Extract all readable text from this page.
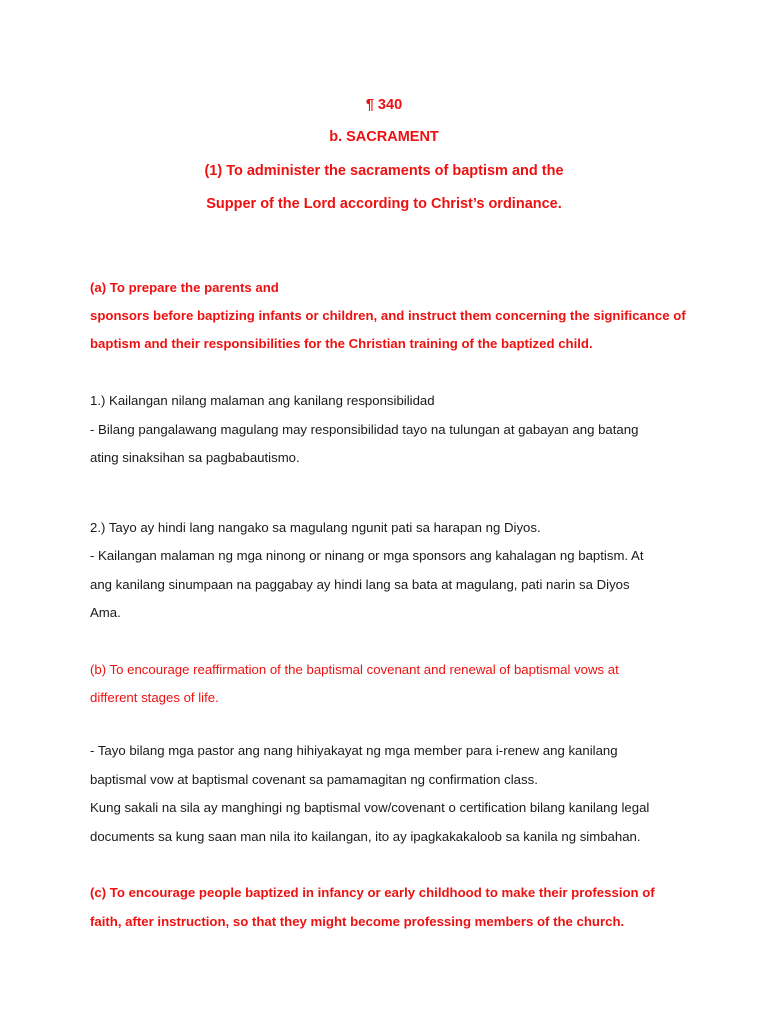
¶ 340
b. SACRAMENT
(1) To administer the sacraments of baptism and the
Supper of the Lord according to Christ’s ordinance.
(a) To prepare the parents and
sponsors before baptizing infants or children, and instruct them concerning the significance of
baptism and their responsibilities for the Christian training of the baptized child.
1.) Kailangan nilang malaman ang kanilang responsibilidad
- Bilang pangalawang magulang may responsibilidad tayo na tulungan at gabayan ang batang
ating sinaksihan sa pagbabautismo.
2.) Tayo ay hindi lang nangako sa magulang ngunit pati sa harapan ng Diyos.
- Kailangan malaman ng mga ninong or ninang or mga sponsors ang kahalagan ng baptism. At
ang kanilang sinumpaan na paggabay ay hindi lang sa bata at magulang, pati narin sa Diyos
Ama.
(b) To encourage reaffirmation of the baptismal covenant and renewal of baptismal vows at
different stages of life.
- Tayo bilang mga pastor ang nang hihiyakayat ng mga member para i-renew ang kanilang
baptismal vow at baptismal covenant sa pamamagitan ng confirmation class.
Kung sakali na sila ay manghingi ng baptismal vow/covenant o certification bilang kanilang legal
documents sa kung saan man nila ito kailangan, ito ay ipagkakakaloob sa kanila ng simbahan.
(c) To encourage people baptized in infancy or early childhood to make their profession of
faith, after instruction, so that they might become professing members of the church.
